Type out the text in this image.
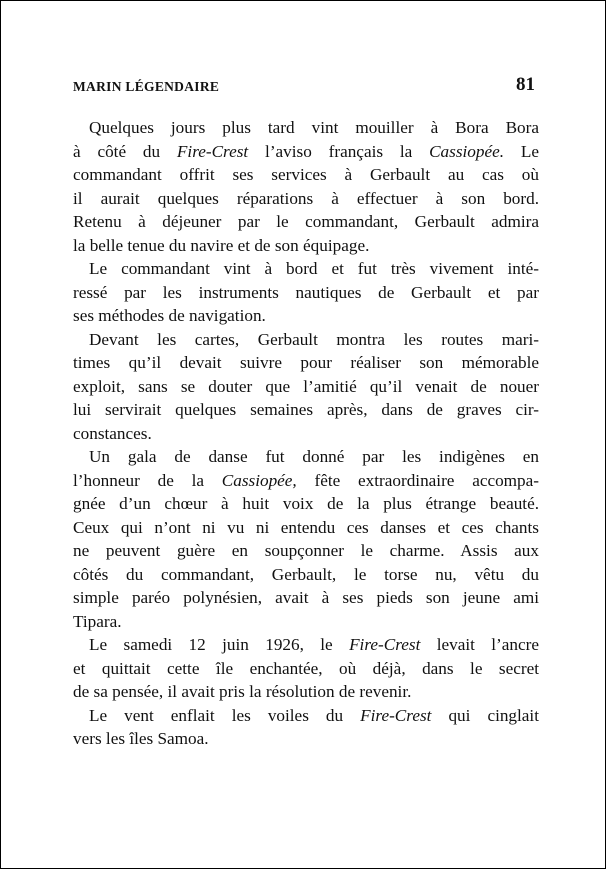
MARIN LÉGENDAIRE	81
Quelques jours plus tard vint mouiller à Bora Bora
à côté du Fire-Crest l’aviso français la Cassiopée. Le
commandant offrit ses services à Gerbault au cas où
il aurait quelques réparations à effectuer à son bord.
Retenu à déjeuner par le commandant, Gerbault admira
la belle tenue du navire et de son équipage.
Le commandant vint à bord et fut très vivement inté-
ressé par les instruments nautiques de Gerbault et par
ses méthodes de navigation.
Devant les cartes, Gerbault montra les routes mari-
times qu’il devait suivre pour réaliser son mémorable
exploit, sans se douter que l’amitié qu’il venait de nouer
lui servirait quelques semaines après, dans de graves cir-
constances.
Un gala de danse fut donné par les indigènes en
l’honneur de la Cassiopée, fête extraordinaire accompa-
gnée d’un chœur à huit voix de la plus étrange beauté.
Ceux qui n’ont ni vu ni entendu ces danses et ces chants
ne peuvent guère en soupçonner le charme. Assis aux
côtés du commandant, Gerbault, le torse nu, vêtu du
simple paréo polynésien, avait à ses pieds son jeune ami
Tipara.
Le samedi 12 juin 1926, le Fire-Crest levait l’ancre
et quittait cette île enchantée, où déjà, dans le secret
de sa pensée, il avait pris la résolution de revenir.
Le vent enflait les voiles du Fire-Crest qui cinglait
vers les îles Samoa.
